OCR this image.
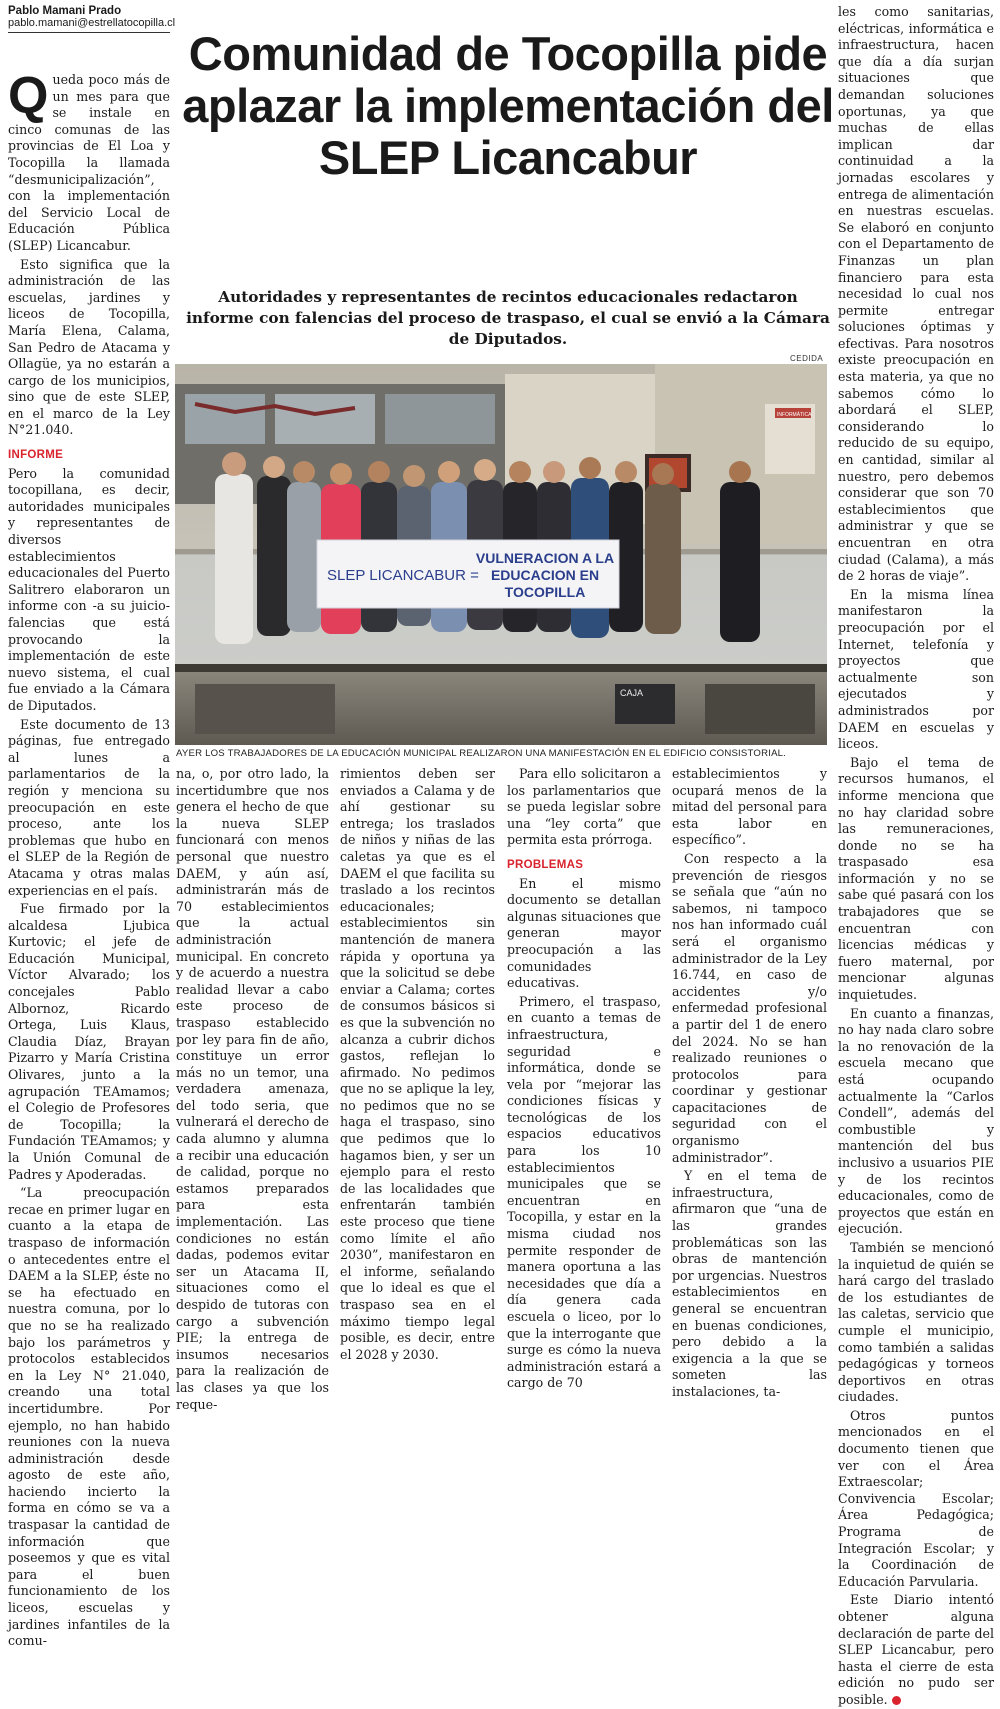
Pablo Mamani Prado
pablo.mamani@estrellatocopilla.cl
Comunidad de Tocopilla pide aplazar la implementación del SLEP Licancabur

Autoridades y representantes de recintos educacionales redactaron informe con falencias del proceso de traspaso, el cual se envió a la Cámara de Diputados.

CEDIDA
SLEP LICANCABUR =
VULNERACION A LA EDUCACION EN TOCOPILLA
INFORMÁTICA
CAJA
AYER LOS TRABAJADORES DE LA EDUCACIÓN MUNICIPAL REALIZARON UNA MANIFESTACIÓN EN EL EDIFICIO CONSISTORIAL.

Queda poco más de un mes para que se instale en cinco comunas de las provincias de El Loa y Tocopilla la llamada “desmunicipalización”, con la implementación del Servicio Local de Educación Pública (SLEP) Licancabur.

Esto significa que la administración de las escuelas, jardines y liceos de Tocopilla, María Elena, Calama, San Pedro de Atacama y Ollagüe, ya no estarán a cargo de los municipios, sino que de este SLEP, en el marco de la Ley N°21.040.

INFORME

Pero la comunidad tocopillana, es decir, autoridades municipales y representantes de diversos establecimientos educacionales del Puerto Salitrero elaboraron un informe con -a su juicio- falencias que está provocando la implementación de este nuevo sistema, el cual fue enviado a la Cámara de Diputados.

Este documento de 13 páginas, fue entregado al lunes a parlamentarios de la región y menciona su preocupación en este proceso, ante los problemas que hubo en el SLEP de la Región de Atacama y otras malas experiencias en el país.

Fue firmado por la alcaldesa Ljubica Kurtovic; el jefe de Educación Municipal, Víctor Alvarado; los concejales Pablo Albornoz, Ricardo Ortega, Luis Klaus, Claudia Díaz, Brayan Pizarro y María Cristina Olivares, junto a la agrupación TEAmamos; el Colegio de Profesores de Tocopilla; la Fundación TEAmamos; y la Unión Comunal de Padres y Apoderadas.

“La preocupación recae en primer lugar en cuanto a la etapa de traspaso de información o antecedentes entre el DAEM a la SLEP, éste no se ha efectuado en nuestra comuna, por lo que no se ha realizado bajo los parámetros y protocolos establecidos en la Ley N° 21.040, creando una total incertidumbre. Por ejemplo, no han habido reuniones con la nueva administración desde agosto de este año, haciendo incierto la forma en cómo se va a traspasar la cantidad de información que poseemos y que es vital para el buen funcionamiento de los liceos, escuelas y jardines infantiles de la comu-

na, o, por otro lado, la incertidumbre que nos genera el hecho de que la nueva SLEP funcionará con menos personal que nuestro DAEM, y aún así, administrarán más de 70 establecimientos que la actual administración municipal. En concreto y de acuerdo a nuestra realidad llevar a cabo este proceso de traspaso establecido por ley para fin de año, constituye un error más no un temor, una verdadera amenaza, del todo seria, que vulnerará el derecho de cada alumno y alumna a recibir una educación de calidad, porque no estamos preparados para esta implementación. Las condiciones no están dadas, podemos evitar ser un Atacama II, situaciones como el despido de tutoras con cargo a subvención PIE; la entrega de insumos necesarios para la realización de las clases ya que los reque-

rimientos deben ser enviados a Calama y de ahí gestionar su entrega; los traslados de niños y niñas de las caletas ya que es el DAEM el que facilita su traslado a los recintos educacionales; establecimientos sin mantención de manera rápida y oportuna ya que la solicitud se debe enviar a Calama; cortes de consumos básicos si es que la subvención no alcanza a cubrir dichos gastos, reflejan lo afirmado. No pedimos que no se aplique la ley, no pedimos que no se haga el traspaso, sino que pedimos que lo hagamos bien, y ser un ejemplo para el resto de las localidades que enfrentarán también este proceso que tiene como límite el año 2030”, manifestaron en el informe, señalando que lo ideal es que el traspaso sea en el máximo tiempo legal posible, es decir, entre el 2028 y 2030.

Para ello solicitaron a los parlamentarios que se pueda legislar sobre una “ley corta” que permita esta prórroga.

PROBLEMAS

En el mismo documento se detallan algunas situaciones que generan mayor preocupación a las comunidades educativas.

Primero, el traspaso, en cuanto a temas de infraestructura, seguridad e informática, donde se vela por “mejorar las condiciones físicas y tecnológicas de los espacios educativos para los 10 establecimientos municipales que se encuentran en Tocopilla, y estar en la misma ciudad nos permite responder de manera oportuna a las necesidades que día a día genera cada escuela o liceo, por lo que la interrogante que surge es cómo la nueva administración estará a cargo de 70

establecimientos y ocupará menos de la mitad del personal para esta labor en específico”.

Con respecto a la prevención de riesgos se señala que “aún no sabemos, ni tampoco nos han informado cuál será el organismo administrador de la Ley 16.744, en caso de accidentes y/o enfermedad profesional a partir del 1 de enero del 2024. No se han realizado reuniones o protocolos para coordinar y gestionar capacitaciones de seguridad con el organismo administrador”.

Y en el tema de infraestructura, afirmaron que “una de las grandes problemáticas son las obras de mantención por urgencias. Nuestros establecimientos en general se encuentran en buenas condiciones, pero debido a la exigencia a la que se someten las instalaciones, ta-

les como sanitarias, eléctricas, informática e infraestructura, hacen que día a día surjan situaciones que demandan soluciones oportunas, ya que muchas de ellas implican dar continuidad a la jornadas escolares y entrega de alimentación en nuestras escuelas. Se elaboró en conjunto con el Departamento de Finanzas un plan financiero para esta necesidad lo cual nos permite entregar soluciones óptimas y efectivas. Para nosotros existe preocupación en esta materia, ya que no sabemos cómo lo abordará el SLEP, considerando lo reducido de su equipo, en cantidad, similar al nuestro, pero debemos considerar que son 70 establecimientos que administrar y que se encuentran en otra ciudad (Calama), a más de 2 horas de viaje”.

En la misma línea manifestaron la preocupación por el Internet, telefonía y proyectos que actualmente son ejecutados y administrados por DAEM en escuelas y liceos.

Bajo el tema de recursos humanos, el informe menciona que no hay claridad sobre las remuneraciones, donde no se ha traspasado esa información y no se sabe qué pasará con los trabajadores que se encuentran con licencias médicas y fuero maternal, por mencionar algunas inquietudes.

En cuanto a finanzas, no hay nada claro sobre la no renovación de la escuela mecano que está ocupando actualmente la “Carlos Condell”, además del combustible y mantención del bus inclusivo a usuarios PIE y de los recintos educacionales, como de proyectos que están en ejecución.

También se mencionó la inquietud de quién se hará cargo del traslado de los estudiantes de las caletas, servicio que cumple el municipio, como también a salidas pedagógicas y torneos deportivos en otras ciudades.

Otros puntos mencionados en el documento tienen que ver con el Área Extraescolar; Convivencia Escolar; Área Pedagógica; Programa de Integración Escolar; y la Coordinación de Educación Parvularia.

Este Diario intentó obtener alguna declaración de parte del SLEP Licancabur, pero hasta el cierre de esta edición no pudo ser posible. +
